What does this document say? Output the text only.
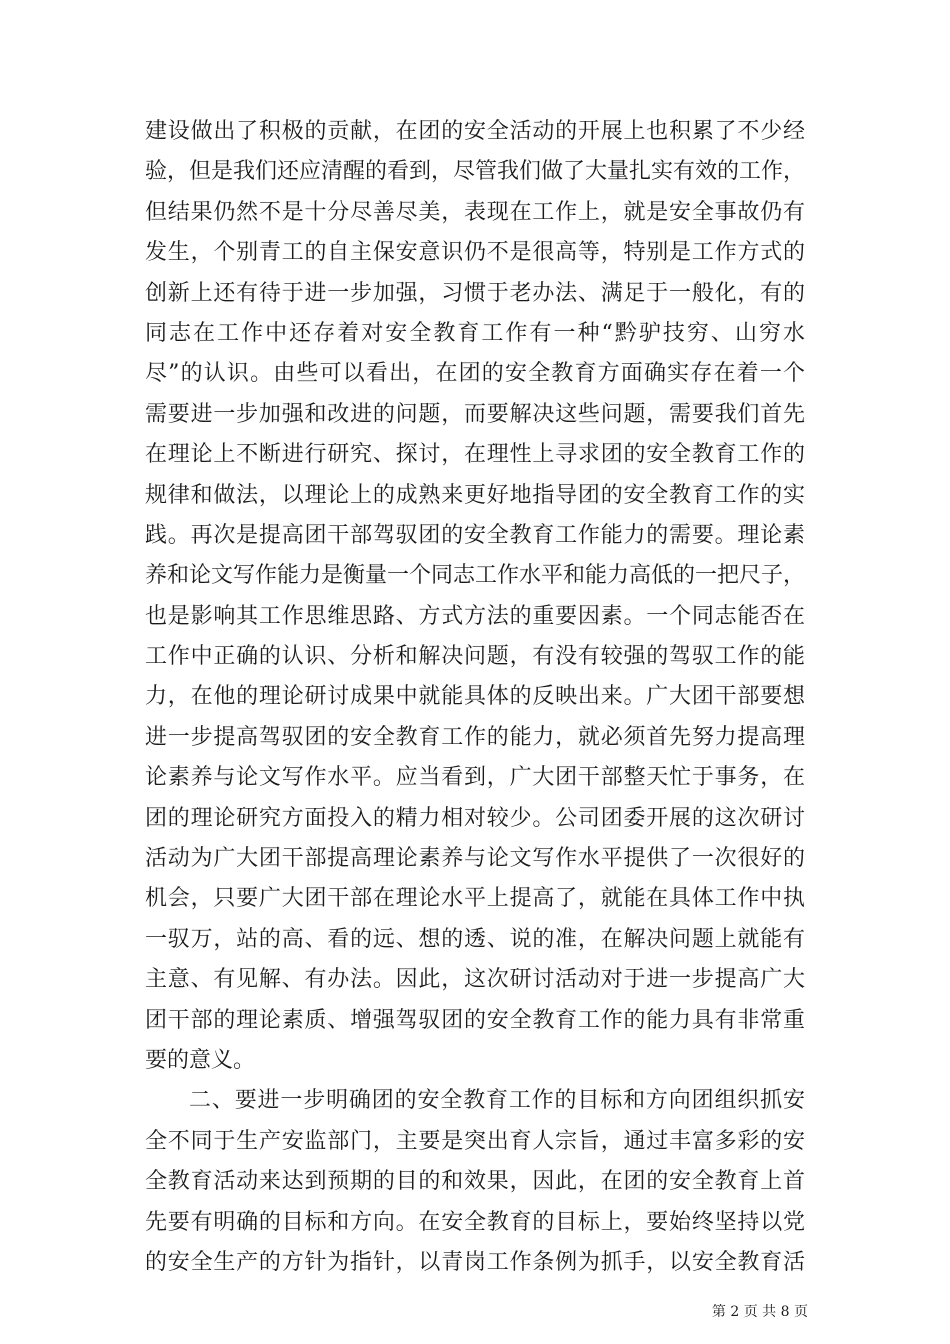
建设做出了积极的贡献，在团的安全活动的开展上也积累了不少经
验，但是我们还应清醒的看到，尽管我们做了大量扎实有效的工作，
但结果仍然不是十分尽善尽美，表现在工作上，就是安全事故仍有
发生，个别青工的自主保安意识仍不是很高等，特别是工作方式的
创新上还有待于进一步加强，习惯于老办法、满足于一般化，有的
同志在工作中还存着对安全教育工作有一种“黔驴技穷、山穷水
尽”的认识。由些可以看出，在团的安全教育方面确实存在着一个
需要进一步加强和改进的问题，而要解决这些问题，需要我们首先
在理论上不断进行研究、探讨，在理性上寻求团的安全教育工作的
规律和做法，以理论上的成熟来更好地指导团的安全教育工作的实
践。再次是提高团干部驾驭团的安全教育工作能力的需要。理论素
养和论文写作能力是衡量一个同志工作水平和能力高低的一把尺子，
也是影响其工作思维思路、方式方法的重要因素。一个同志能否在
工作中正确的认识、分析和解决问题，有没有较强的驾驭工作的能
力，在他的理论研讨成果中就能具体的反映出来。广大团干部要想
进一步提高驾驭团的安全教育工作的能力，就必须首先努力提高理
论素养与论文写作水平。应当看到，广大团干部整天忙于事务，在
团的理论研究方面投入的精力相对较少。公司团委开展的这次研讨
活动为广大团干部提高理论素养与论文写作水平提供了一次很好的
机会，只要广大团干部在理论水平上提高了，就能在具体工作中执
一驭万，站的高、看的远、想的透、说的准，在解决问题上就能有
主意、有见解、有办法。因此，这次研讨活动对于进一步提高广大
团干部的理论素质、增强驾驭团的安全教育工作的能力具有非常重
要的意义。
二、要进一步明确团的安全教育工作的目标和方向团组织抓安
全不同于生产安监部门，主要是突出育人宗旨，通过丰富多彩的安
全教育活动来达到预期的目的和效果，因此，在团的安全教育上首
先要有明确的目标和方向。在安全教育的目标上，要始终坚持以党
的安全生产的方针为指针，以青岗工作条例为抓手，以安全教育活
第 2 页 共 8 页
